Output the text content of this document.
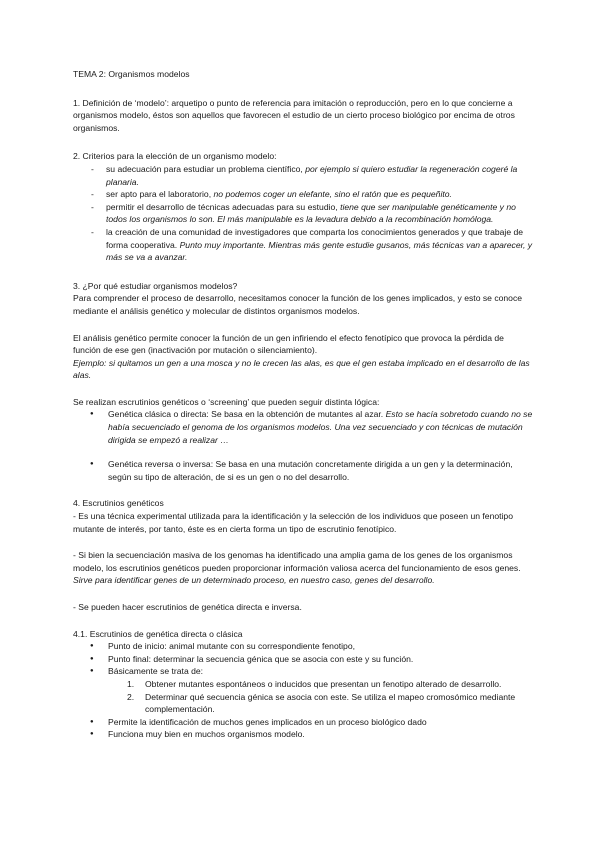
TEMA 2: Organismos modelos

1. Definición de ‘modelo’: arquetipo o punto de referencia para imitación o reproducción, pero en lo que concierne a organismos modelo, éstos son aquellos que favorecen el estudio de un cierto proceso biológico por encima de otros organismos.

2. Criterios para la elección de un organismo modelo:

- su adecuación para estudiar un problema científico, por ejemplo si quiero estudiar la regeneración cogeré la planaria.
- ser apto para el laboratorio, no podemos coger un elefante, sino el ratón que es pequeñito.
- permitir el desarrollo de técnicas adecuadas para su estudio, tiene que ser manipulable genéticamente y no todos los organismos lo son. El más manipulable es la levadura debido a la recombinación homóloga.
- la creación de una comunidad de investigadores que comparta los conocimientos generados y que trabaje de forma cooperativa. Punto muy importante. Mientras más gente estudie gusanos, más técnicas van a aparecer, y más se va a avanzar.

3. ¿Por qué estudiar organismos modelos?

Para comprender el proceso de desarrollo, necesitamos conocer la función de los genes implicados, y esto se conoce mediante el análisis genético y molecular de distintos organismos modelos.

El análisis genético permite conocer la función de un gen infiriendo el efecto fenotípico que provoca la pérdida de función de ese gen (inactivación por mutación o silenciamiento).

Ejemplo: si quitamos un gen a una mosca y no le crecen las alas, es que el gen estaba implicado en el desarrollo de las alas.

Se realizan escrutinios genéticos o ‘screening’ que pueden seguir distinta lógica:

● Genética clásica o directa: Se basa en la obtención de mutantes al azar. Esto se hacía sobretodo cuando no se había secuenciado el genoma de los organismos modelos. Una vez secuenciado y con técnicas de mutación dirigida se empezó a realizar …
● Genética reversa o inversa: Se basa en una mutación concretamente dirigida a un gen y la determinación, según su tipo de alteración, de si es un gen o no del desarrollo.

4. Escrutinios genéticos

- Es una técnica experimental utilizada para la identificación y la selección de los individuos que poseen un fenotipo mutante de interés, por tanto, éste es en cierta forma un tipo de escrutinio fenotípico.

- Si bien la secuenciación masiva de los genomas ha identificado una amplia gama de los genes de los organismos modelo, los escrutinios genéticos pueden proporcionar información valiosa acerca del funcionamiento de esos genes.

Sirve para identificar genes de un determinado proceso, en nuestro caso, genes del desarrollo.

- Se pueden hacer escrutinios de genética directa e inversa.

4.1. Escrutinios de genética directa o clásica

● Punto de inicio: animal mutante con su correspondiente fenotipo,
● Punto final: determinar la secuencia génica que se asocia con este y su función.
● Básicamente se trata de:
1. Obtener mutantes espontáneos o inducidos que presentan un fenotipo alterado de desarrollo.
2. Determinar qué secuencia génica se asocia con este. Se utiliza el mapeo cromosómico mediante complementación.
● Permite la identificación de muchos genes implicados en un proceso biológico dado
● Funciona muy bien en muchos organismos modelo.
